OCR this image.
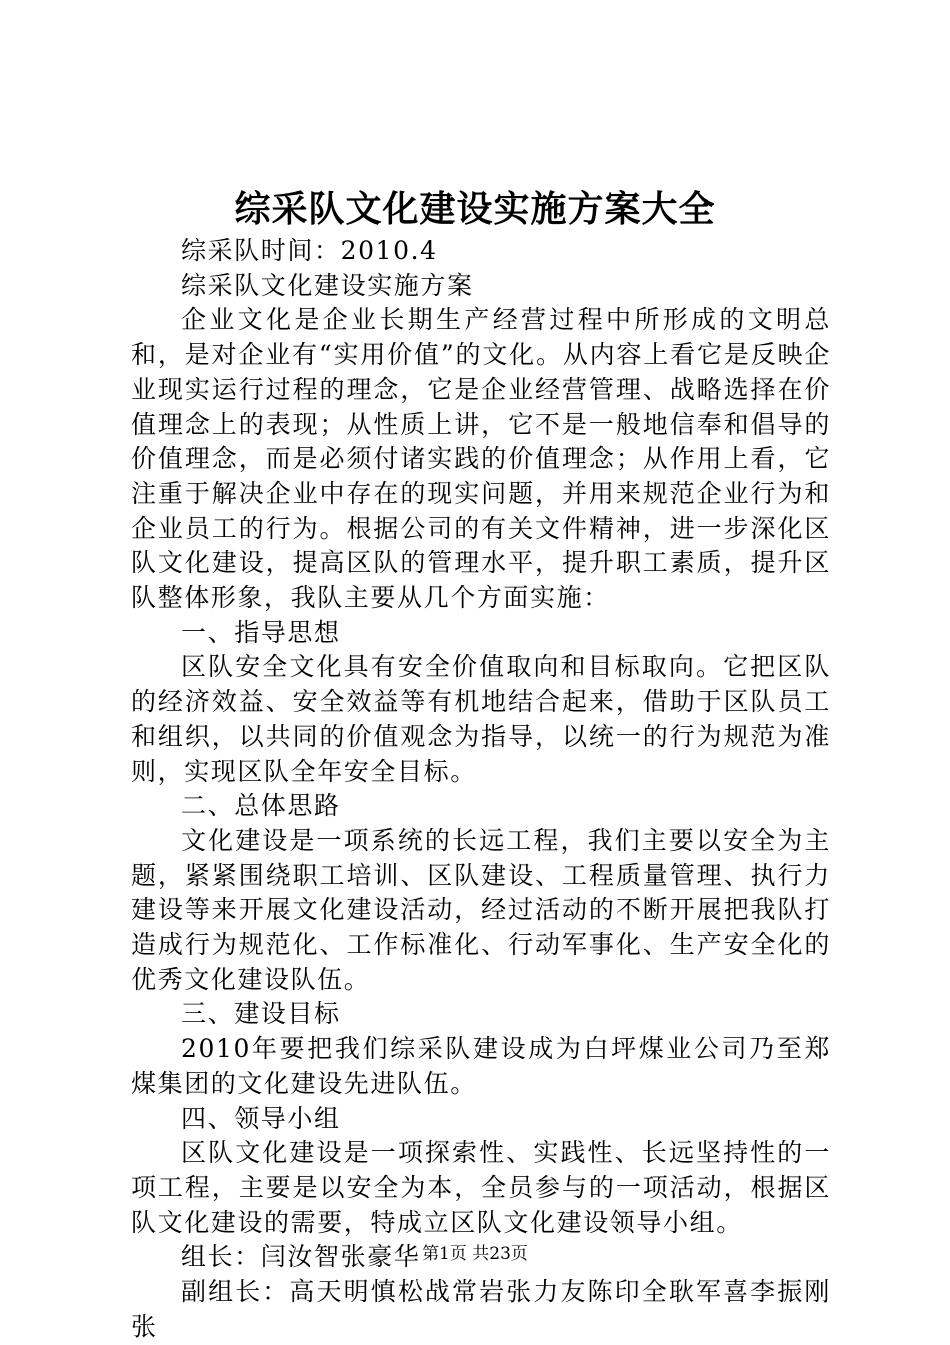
综采队文化建设实施方案大全

综采队时间：2010.4

综采队文化建设实施方案

企业文化是企业长期生产经营过程中所形成的文明总和，是对企业有“实用价值”的文化。从内容上看它是反映企业现实运行过程的理念，它是企业经营管理、战略选择在价值理念上的表现；从性质上讲，它不是一般地信奉和倡导的价值理念，而是必须付诸实践的价值理念；从作用上看，它注重于解决企业中存在的现实问题，并用来规范企业行为和企业员工的行为。根据公司的有关文件精神，进一步深化区队文化建设，提高区队的管理水平，提升职工素质，提升区队整体形象，我队主要从几个方面实施：

一、指导思想

区队安全文化具有安全价值取向和目标取向。它把区队的经济效益、安全效益等有机地结合起来，借助于区队员工和组织，以共同的价值观念为指导，以统一的行为规范为准则，实现区队全年安全目标。

二、总体思路

文化建设是一项系统的长远工程，我们主要以安全为主题，紧紧围绕职工培训、区队建设、工程质量管理、执行力建设等来开展文化建设活动，经过活动的不断开展把我队打造成行为规范化、工作标准化、行动军事化、生产安全化的优秀文化建设队伍。

三、建设目标

2010年要把我们综采队建设成为白坪煤业公司乃至郑煤集团的文化建设先进队伍。

四、领导小组

区队文化建设是一项探索性、实践性、长远坚持性的一项工程，主要是以安全为本，全员参与的一项活动，根据区队文化建设的需要，特成立区队文化建设领导小组。

组长：闫汝智张豪华

副组长：高天明慎松战常岩张力友陈印全耿军喜李振刚张

第1页 共23页
